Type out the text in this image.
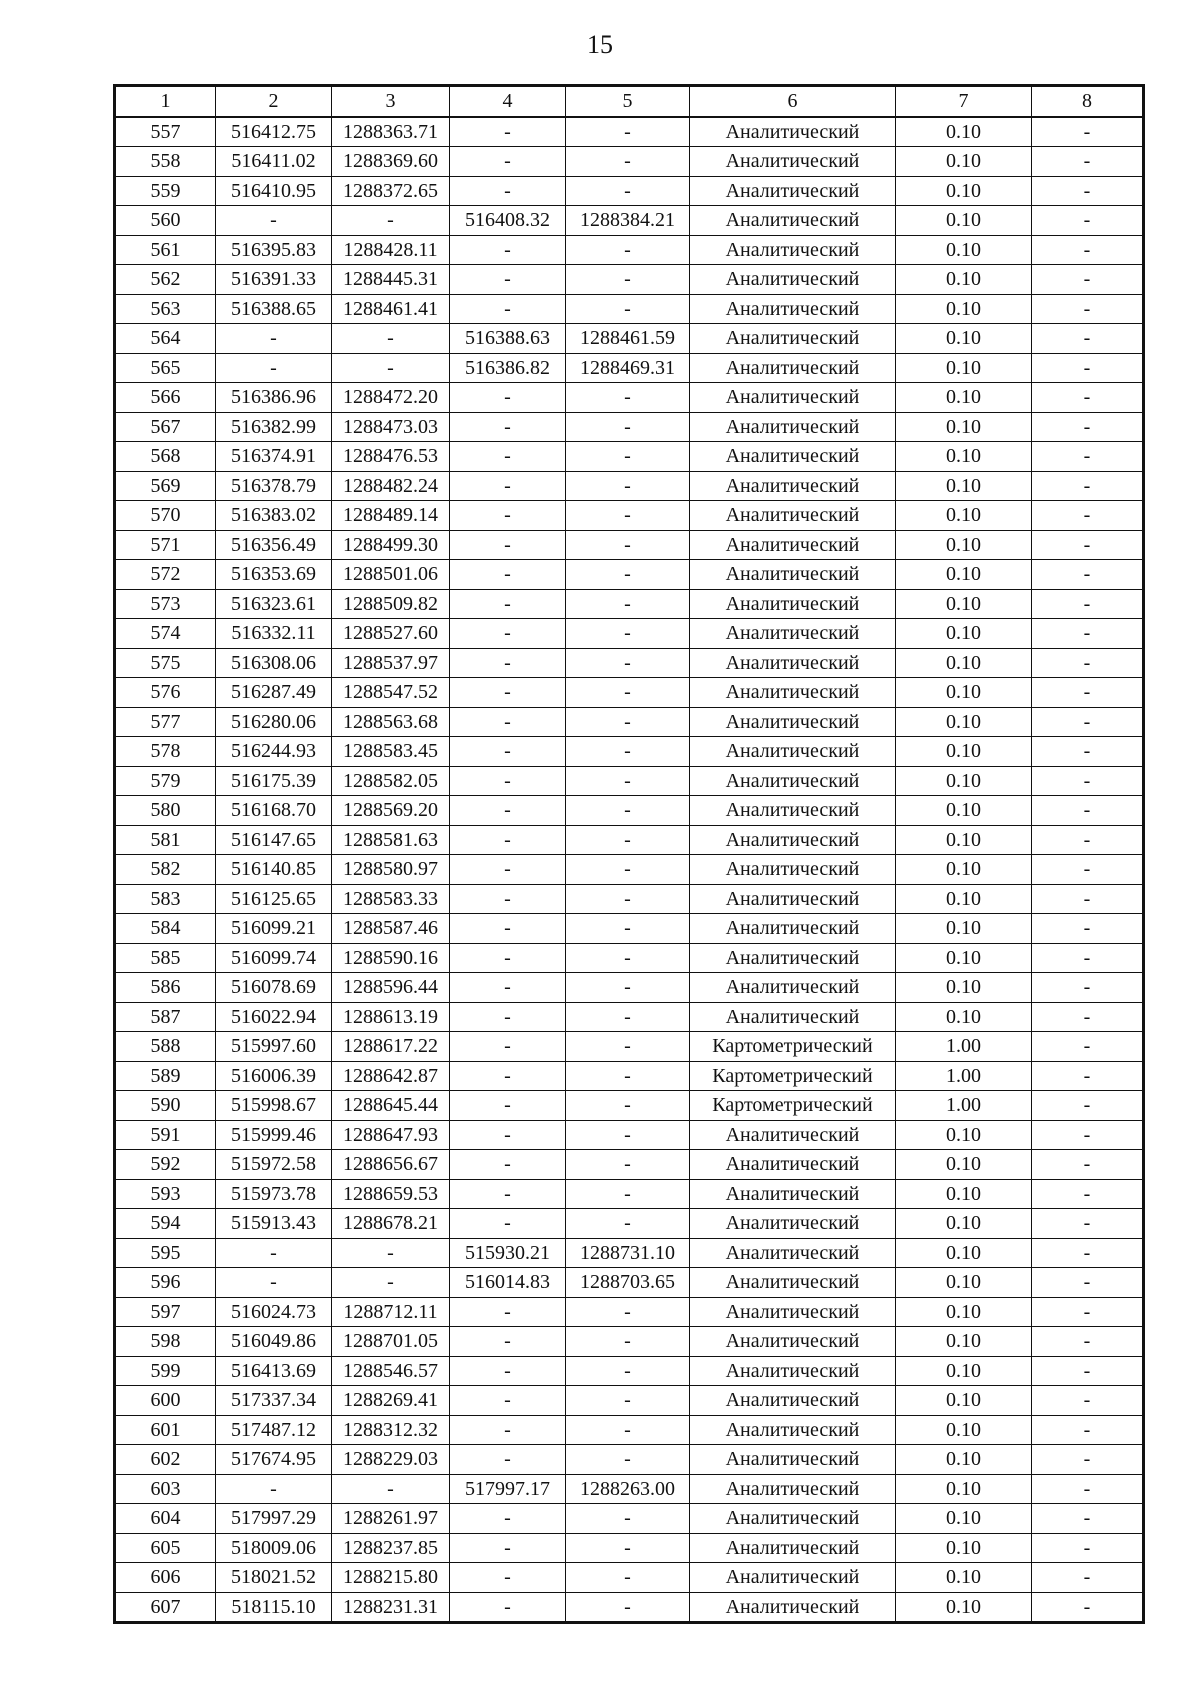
15
1	2	3	4	5	6	7	8
557	516412.75	1288363.71	-	-	Аналитический	0.10	-
558	516411.02	1288369.60	-	-	Аналитический	0.10	-
559	516410.95	1288372.65	-	-	Аналитический	0.10	-
560	-	-	516408.32	1288384.21	Аналитический	0.10	-
561	516395.83	1288428.11	-	-	Аналитический	0.10	-
562	516391.33	1288445.31	-	-	Аналитический	0.10	-
563	516388.65	1288461.41	-	-	Аналитический	0.10	-
564	-	-	516388.63	1288461.59	Аналитический	0.10	-
565	-	-	516386.82	1288469.31	Аналитический	0.10	-
566	516386.96	1288472.20	-	-	Аналитический	0.10	-
567	516382.99	1288473.03	-	-	Аналитический	0.10	-
568	516374.91	1288476.53	-	-	Аналитический	0.10	-
569	516378.79	1288482.24	-	-	Аналитический	0.10	-
570	516383.02	1288489.14	-	-	Аналитический	0.10	-
571	516356.49	1288499.30	-	-	Аналитический	0.10	-
572	516353.69	1288501.06	-	-	Аналитический	0.10	-
573	516323.61	1288509.82	-	-	Аналитический	0.10	-
574	516332.11	1288527.60	-	-	Аналитический	0.10	-
575	516308.06	1288537.97	-	-	Аналитический	0.10	-
576	516287.49	1288547.52	-	-	Аналитический	0.10	-
577	516280.06	1288563.68	-	-	Аналитический	0.10	-
578	516244.93	1288583.45	-	-	Аналитический	0.10	-
579	516175.39	1288582.05	-	-	Аналитический	0.10	-
580	516168.70	1288569.20	-	-	Аналитический	0.10	-
581	516147.65	1288581.63	-	-	Аналитический	0.10	-
582	516140.85	1288580.97	-	-	Аналитический	0.10	-
583	516125.65	1288583.33	-	-	Аналитический	0.10	-
584	516099.21	1288587.46	-	-	Аналитический	0.10	-
585	516099.74	1288590.16	-	-	Аналитический	0.10	-
586	516078.69	1288596.44	-	-	Аналитический	0.10	-
587	516022.94	1288613.19	-	-	Аналитический	0.10	-
588	515997.60	1288617.22	-	-	Картометрический	1.00	-
589	516006.39	1288642.87	-	-	Картометрический	1.00	-
590	515998.67	1288645.44	-	-	Картометрический	1.00	-
591	515999.46	1288647.93	-	-	Аналитический	0.10	-
592	515972.58	1288656.67	-	-	Аналитический	0.10	-
593	515973.78	1288659.53	-	-	Аналитический	0.10	-
594	515913.43	1288678.21	-	-	Аналитический	0.10	-
595	-	-	515930.21	1288731.10	Аналитический	0.10	-
596	-	-	516014.83	1288703.65	Аналитический	0.10	-
597	516024.73	1288712.11	-	-	Аналитический	0.10	-
598	516049.86	1288701.05	-	-	Аналитический	0.10	-
599	516413.69	1288546.57	-	-	Аналитический	0.10	-
600	517337.34	1288269.41	-	-	Аналитический	0.10	-
601	517487.12	1288312.32	-	-	Аналитический	0.10	-
602	517674.95	1288229.03	-	-	Аналитический	0.10	-
603	-	-	517997.17	1288263.00	Аналитический	0.10	-
604	517997.29	1288261.97	-	-	Аналитический	0.10	-
605	518009.06	1288237.85	-	-	Аналитический	0.10	-
606	518021.52	1288215.80	-	-	Аналитический	0.10	-
607	518115.10	1288231.31	-	-	Аналитический	0.10	-
